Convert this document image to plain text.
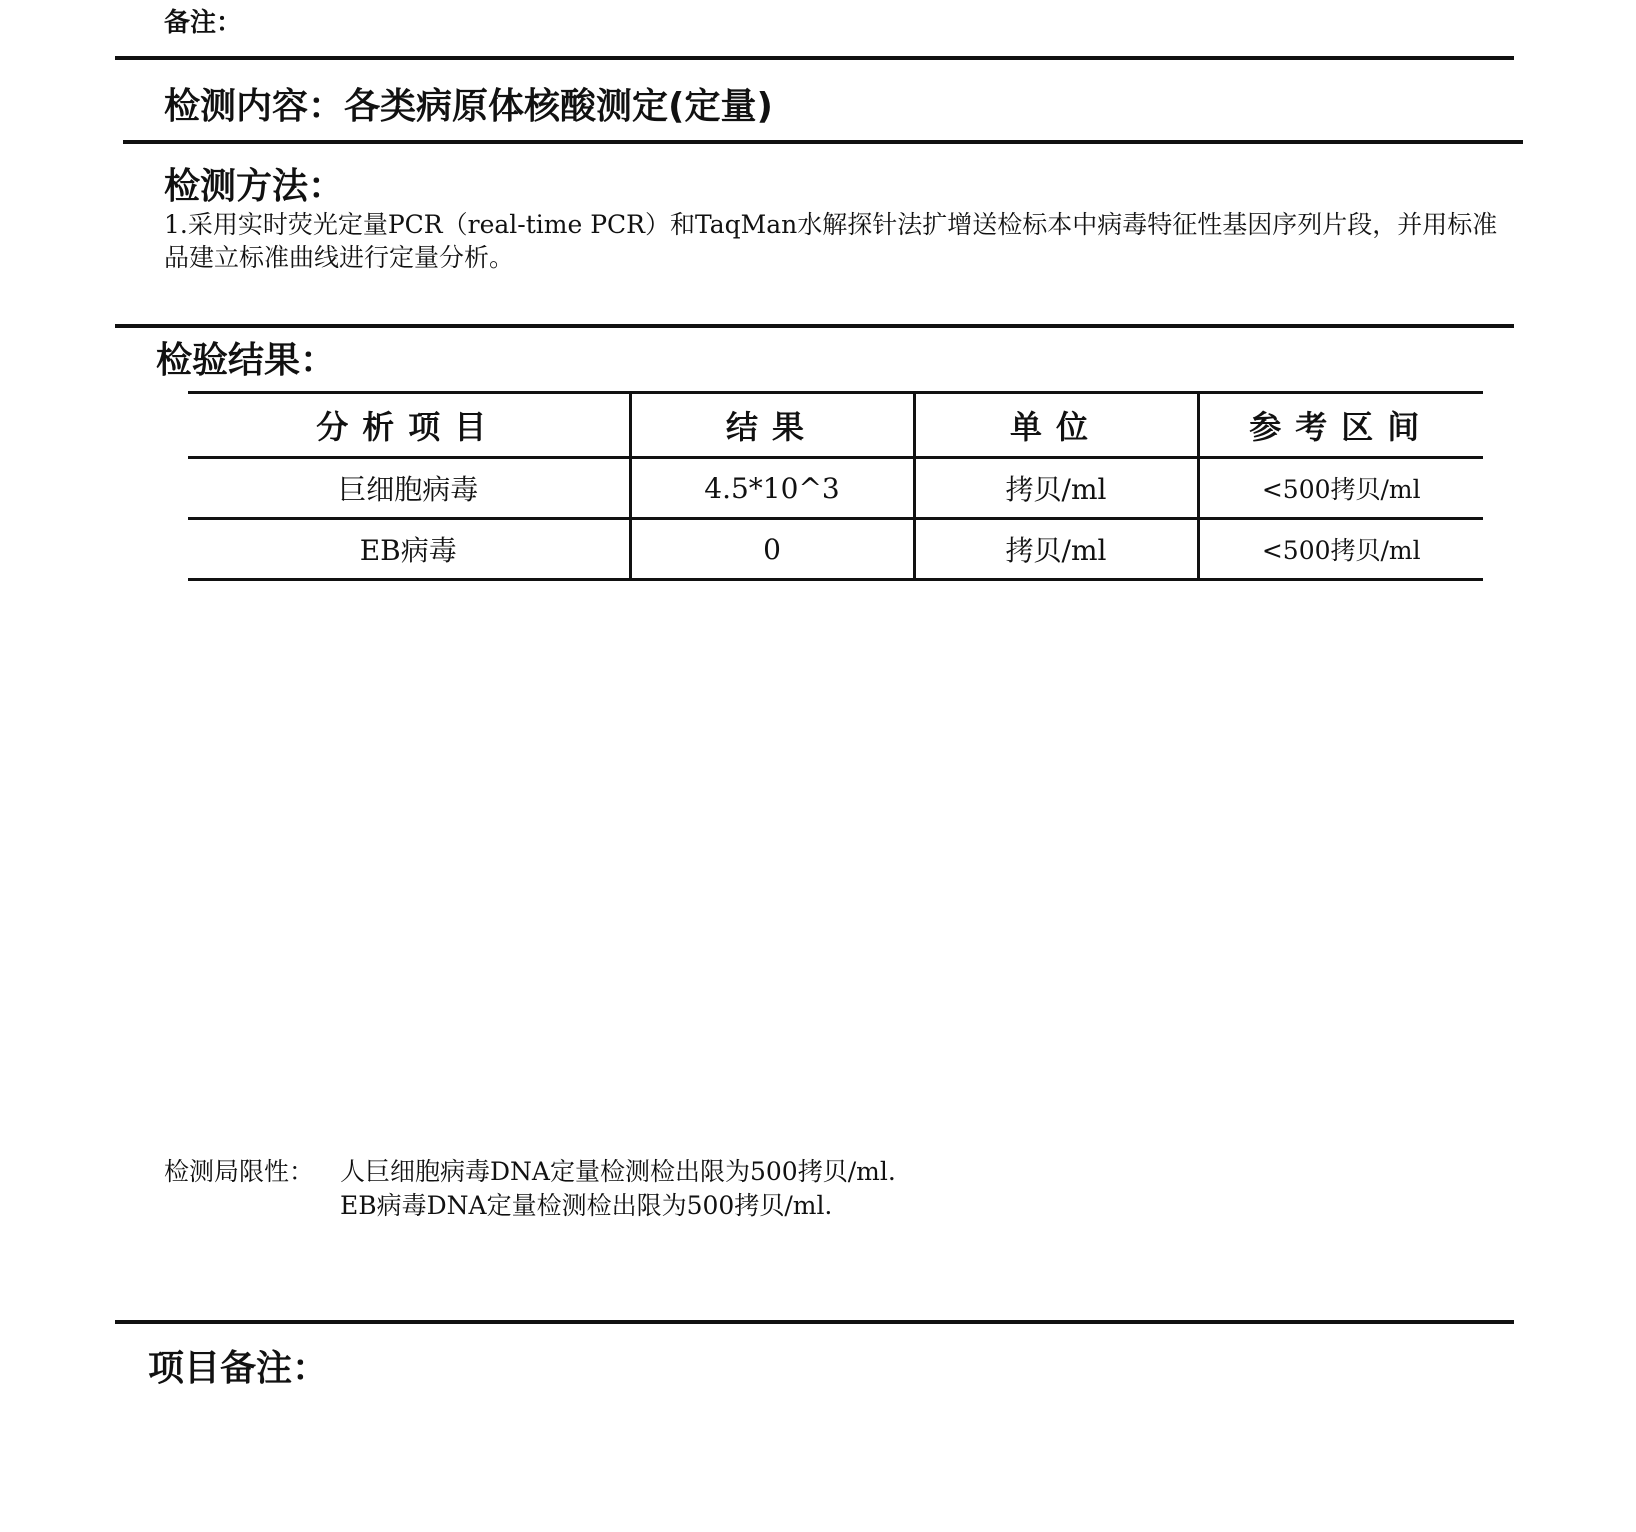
备注：
检测内容：各类病原体核酸测定(定量)
检测方法：
1.采用实时荧光定量PCR（real-time PCR）和TaqMan水解探针法扩增送检标本中病毒特征性基因序列片段，并用标准品建立标准曲线进行定量分析。
检验结果：
分析项目	结果	单位	参考区间
巨细胞病毒	4.5*10^3	拷贝/ml	<500拷贝/ml
EB病毒	0	拷贝/ml	<500拷贝/ml
检测局限性： 人巨细胞病毒DNA定量检测检出限为500拷贝/ml.
EB病毒DNA定量检测检出限为500拷贝/ml.
项目备注：
